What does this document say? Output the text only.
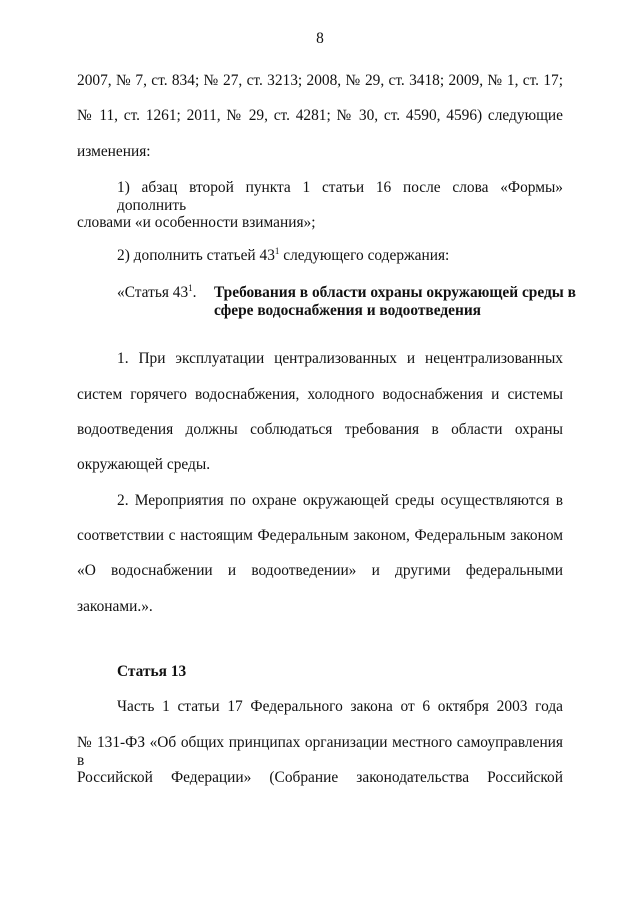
8
2007, № 7, ст. 834; № 27, ст. 3213; 2008, № 29, ст. 3418; 2009, № 1, ст. 17;
№ 11, ст. 1261; 2011, № 29, ст. 4281; № 30, ст. 4590, 4596) следующие
изменения:
1) абзац второй пункта 1 статьи 16 после слова «Формы» дополнить
словами «и особенности взимания»;
2) дополнить статьей $43^1$ следующего содержания:
«Статья $43^1$. Требования в области охраны окружающей среды в
сфере водоснабжения и водоотведения
1. При эксплуатации централизованных и нецентрализованных
систем горячего водоснабжения, холодного водоснабжения и системы
водоотведения должны соблюдаться требования в области охраны
окружающей среды.
2. Мероприятия по охране окружающей среды осуществляются в
соответствии с настоящим Федеральным законом, Федеральным законом
«О водоснабжении и водоотведении» и другими федеральными
законами.».
Статья 13
Часть 1 статьи 17 Федерального закона от 6 октября 2003 года
№ 131-ФЗ «Об общих принципах организации местного самоуправления в
Российской Федерации» (Собрание законодательства Российской
